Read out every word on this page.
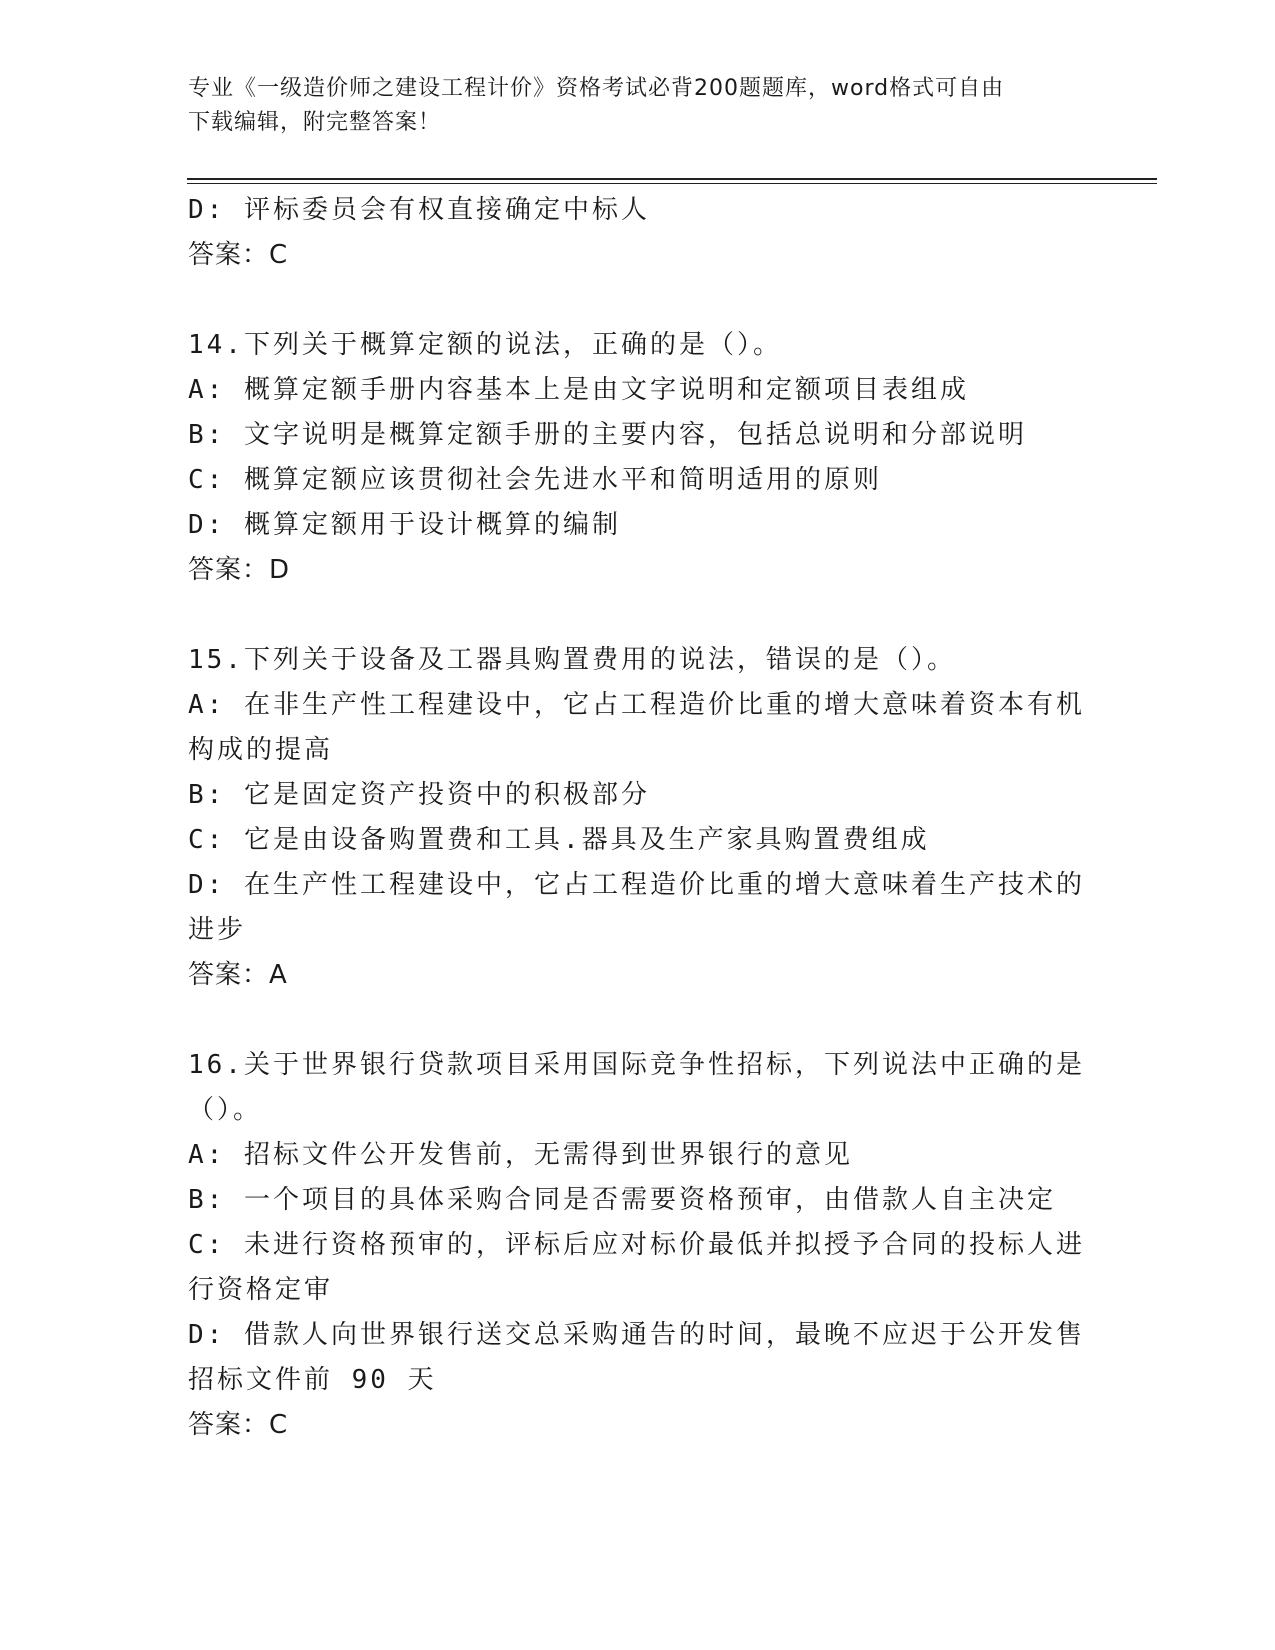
专业《一级造价师之建设工程计价》资格考试必背200题题库，word格式可自由
下载编辑，附完整答案！
D: 评标委员会有权直接确定中标人
答案：C
14.下列关于概算定额的说法，正确的是（）。
A: 概算定额手册内容基本上是由文字说明和定额项目表组成
B: 文字说明是概算定额手册的主要内容，包括总说明和分部说明
C: 概算定额应该贯彻社会先进水平和简明适用的原则
D: 概算定额用于设计概算的编制
答案：D
15.下列关于设备及工器具购置费用的说法，错误的是（）。
A: 在非生产性工程建设中，它占工程造价比重的增大意味着资本有机
构成的提高
B: 它是固定资产投资中的积极部分
C: 它是由设备购置费和工具.器具及生产家具购置费组成
D: 在生产性工程建设中，它占工程造价比重的增大意味着生产技术的
进步
答案：A
16.关于世界银行贷款项目采用国际竞争性招标，下列说法中正确的是
（）。
A: 招标文件公开发售前，无需得到世界银行的意见
B: 一个项目的具体采购合同是否需要资格预审，由借款人自主决定
C: 未进行资格预审的，评标后应对标价最低并拟授予合同的投标人进
行资格定审
D: 借款人向世界银行送交总采购通告的时间，最晚不应迟于公开发售
招标文件前 90 天
答案：C
